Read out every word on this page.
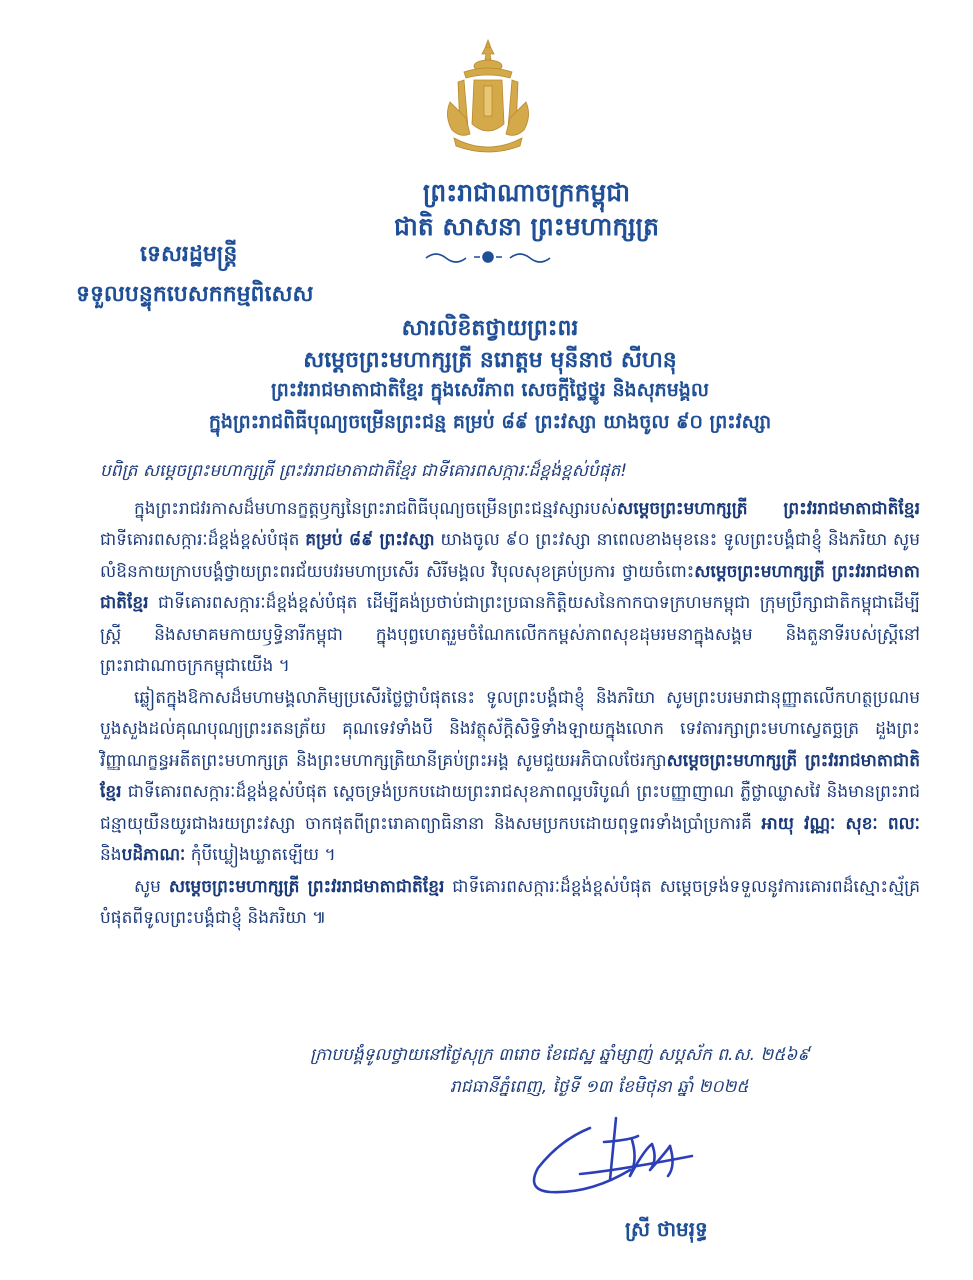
ព្រះរាជាណាចក្រកម្ពុជា
ជាតិ សាសនា ព្រះមហាក្សត្រ
ទេសរដ្ឋមន្ត្រី
ទទួលបន្ទុកបេសកកម្មពិសេស
សារលិខិតថ្វាយព្រះពរ
សម្តេចព្រះមហាក្សត្រី នរោត្តម មុនីនាថ សីហនុ
ព្រះវររាជមាតាជាតិខ្មែរ ក្នុងសេរីភាព សេចក្តីថ្លៃថ្នូរ និងសុភមង្គល
ក្នុងព្រះរាជពិធីបុណ្យចម្រើនព្រះជន្ម គម្រប់ ៨៩ ព្រះវស្សា យាងចូល ៩០ ព្រះវស្សា

បពិត្រ សម្តេចព្រះមហាក្សត្រី ព្រះវររាជមាតាជាតិខ្មែរ ជាទីគោរពសក្ការៈដ៏ខ្ពង់ខ្ពស់បំផុត!

ក្នុងព្រះរាជវរកាសដ៏មហានក្ខត្តឫក្សនៃព្រះរាជពិធីបុណ្យចម្រើនព្រះជន្មវស្សារបស់សម្តេចព្រះមហាក្សត្រី ព្រះវររាជមាតាជាតិខ្មែរ ជាទីគោរពសក្ការៈដ៏ខ្ពង់ខ្ពស់បំផុត គម្រប់ ៨៩ ព្រះវស្សា យាងចូល ៩០ ព្រះវស្សា នាពេលខាងមុខនេះ ទូលព្រះបង្គំជាខ្ញុំ និងភរិយា សូមលំឱនកាយក្រាបបង្គំថ្វាយព្រះពរជ័យបវរមហាប្រសើរ សិរីមង្គល វិបុលសុខគ្រប់ប្រការ ថ្វាយចំពោះសម្តេចព្រះមហាក្សត្រី ព្រះវររាជមាតាជាតិខ្មែរ ជាទីគោរពសក្ការៈដ៏ខ្ពង់ខ្ពស់បំផុត ដើម្បីគង់ប្រថាប់ជាព្រះប្រធានកិត្តិយសនៃកាកបាទក្រហមកម្ពុជា ក្រុមប្រឹក្សាជាតិកម្ពុជាដើម្បីស្ត្រី និងសមាគមកាយឫទ្ធិនារីកម្ពុជា ក្នុងបុព្វហេតុរួមចំណែកលើកកម្ពស់ភាពសុខដុមរមនាក្នុងសង្គម និងតួនាទីរបស់ស្ត្រីនៅព្រះរាជាណាចក្រកម្ពុជាយើង ។

ឆ្លៀតក្នុងឱកាសដ៏មហាមង្គលាភិម្យប្រសើរថ្លៃថ្លាបំផុតនេះ ទូលព្រះបង្គំជាខ្ញុំ និងភរិយា សូមព្រះបរមរាជានុញ្ញាតលើកហត្ថប្រណមបួងសួងដល់គុណបុណ្យព្រះរតនត្រ័យ គុណទេវទាំងបី និងវត្ថុស័ក្តិសិទ្ធិទាំងឡាយក្នុងលោក ទេវតារក្សាព្រះមហាស្វេតច្ឆត្រ ដួងព្រះវិញ្ញាណក្ខន្ធអតីតព្រះមហាក្សត្រ និងព្រះមហាក្សត្រិយានីគ្រប់ព្រះអង្គ សូមជួយអភិបាលថែរក្សាសម្តេចព្រះមហាក្សត្រី ព្រះវររាជមាតាជាតិខ្មែរ ជាទីគោរពសក្ការៈដ៏ខ្ពង់ខ្ពស់បំផុត ស្តេចទ្រង់ប្រកបដោយព្រះរាជសុខភាពល្អបរិបូណ៌ ព្រះបញ្ញាញាណ ភ្លឺថ្លាឈ្លាសវៃ និងមានព្រះរាជជន្មាយុយឺនយូរជាងរយព្រះវស្សា ចាកផុតពីព្រះរោគាព្យាធិនានា និងសមប្រកបដោយពុទ្ធពរទាំងប្រាំប្រការគឺ អាយុ វណ្ណៈ សុខៈ ពលៈ និងបដិភាណៈ កុំបីឃ្លៀងឃ្លាតឡើយ ។

សូម សម្តេចព្រះមហាក្សត្រី ព្រះវររាជមាតាជាតិខ្មែរ ជាទីគោរពសក្ការៈដ៏ខ្ពង់ខ្ពស់បំផុត សម្តេចទ្រង់ទទួលនូវការគោរពដ៏ស្មោះស្ម័គ្របំផុតពីទូលព្រះបង្គំជាខ្ញុំ និងភរិយា ៕

ក្រាបបង្គំទូលថ្វាយនៅថ្ងៃសុក្រ ៣រោច ខែជេស្ឋ ឆ្នាំម្សាញ់ សប្តស័ក ព.ស. ២៥៦៩
រាជធានីភ្នំពេញ, ថ្ងៃទី ១៣ ខែមិថុនា ឆ្នាំ ២០២៥
ស្រី ថាមរុទ្ធ
